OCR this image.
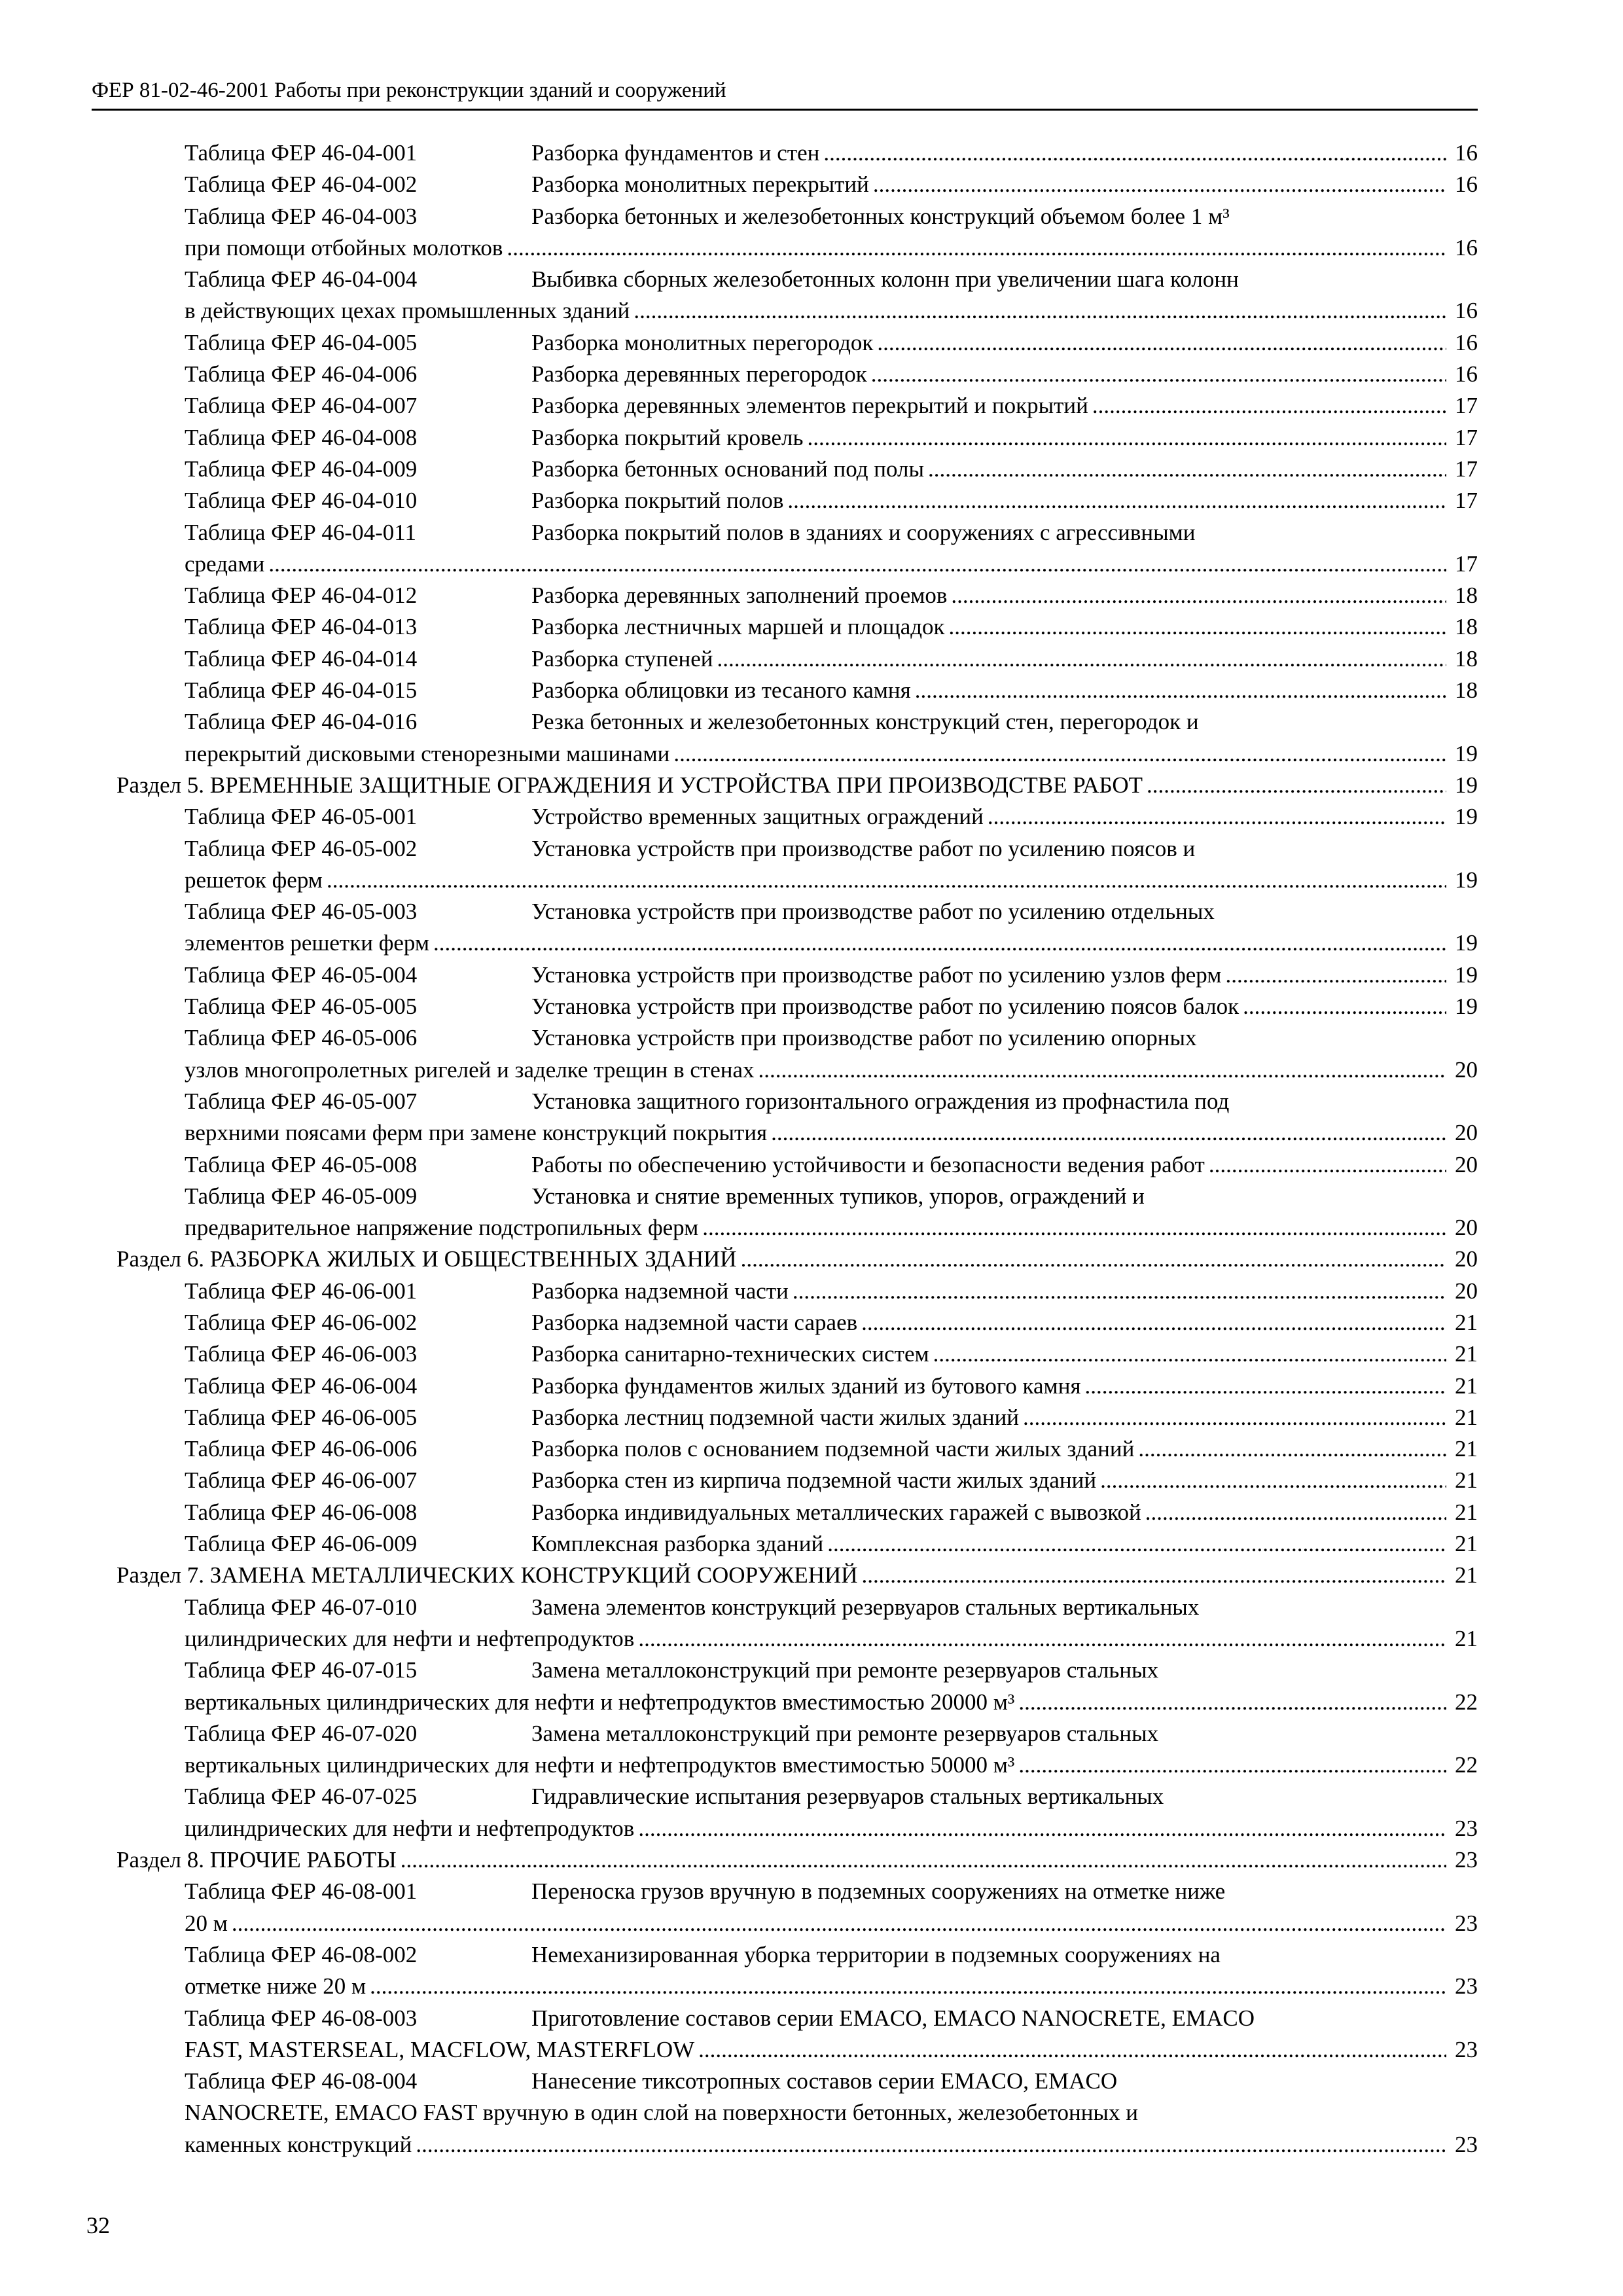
ФЕР 81-02-46-2001 Работы при реконструкции зданий и сооружений
Таблица ФЕР 46-04-001	Разборка фундаментов и стен .....	16
Таблица ФЕР 46-04-002	Разборка монолитных перекрытий .....	16
Таблица ФЕР 46-04-003	Разборка бетонных и железобетонных конструкций объемом более 1 м³
при помощи отбойных молотков .....	16
Таблица ФЕР 46-04-004	Выбивка сборных железобетонных колонн при увеличении шага колонн
в действующих цехах промышленных зданий .....	16
Таблица ФЕР 46-04-005	Разборка монолитных перегородок .....	16
Таблица ФЕР 46-04-006	Разборка деревянных перегородок .....	16
Таблица ФЕР 46-04-007	Разборка деревянных элементов перекрытий и покрытий .....	17
Таблица ФЕР 46-04-008	Разборка покрытий кровель .....	17
Таблица ФЕР 46-04-009	Разборка бетонных оснований под полы .....	17
Таблица ФЕР 46-04-010	Разборка покрытий полов .....	17
Таблица ФЕР 46-04-011	Разборка покрытий полов в зданиях и сооружениях с агрессивными
средами .....	17
Таблица ФЕР 46-04-012	Разборка деревянных заполнений проемов .....	18
Таблица ФЕР 46-04-013	Разборка лестничных маршей и площадок .....	18
Таблица ФЕР 46-04-014	Разборка ступеней .....	18
Таблица ФЕР 46-04-015	Разборка облицовки из тесаного камня .....	18
Таблица ФЕР 46-04-016	Резка бетонных и железобетонных конструкций стен, перегородок и
перекрытий дисковыми стенорезными машинами .....	19
Раздел 5. ВРЕМЕННЫЕ ЗАЩИТНЫЕ ОГРАЖДЕНИЯ И УСТРОЙСТВА ПРИ ПРОИЗВОДСТВЕ РАБОТ .....	19
Таблица ФЕР 46-05-001	Устройство временных защитных ограждений .....	19
Таблица ФЕР 46-05-002	Установка устройств при производстве работ по усилению поясов и
решеток ферм .....	19
Таблица ФЕР 46-05-003	Установка устройств при производстве работ по усилению отдельных
элементов решетки ферм .....	19
Таблица ФЕР 46-05-004	Установка устройств при производстве работ по усилению узлов ферм .....	19
Таблица ФЕР 46-05-005	Установка устройств при производстве работ по усилению поясов балок .....	19
Таблица ФЕР 46-05-006	Установка устройств при производстве работ по усилению опорных
узлов многопролетных ригелей и заделке трещин в стенах .....	20
Таблица ФЕР 46-05-007	Установка защитного горизонтального ограждения из профнастила под
верхними поясами ферм при замене конструкций покрытия .....	20
Таблица ФЕР 46-05-008	Работы по обеспечению устойчивости и безопасности ведения работ .....	20
Таблица ФЕР 46-05-009	Установка и снятие временных тупиков, упоров, ограждений и
предварительное напряжение подстропильных ферм .....	20
Раздел 6. РАЗБОРКА ЖИЛЫХ И ОБЩЕСТВЕННЫХ ЗДАНИЙ .....	20
Таблица ФЕР 46-06-001	Разборка надземной части .....	20
Таблица ФЕР 46-06-002	Разборка надземной части сараев .....	21
Таблица ФЕР 46-06-003	Разборка санитарно-технических систем .....	21
Таблица ФЕР 46-06-004	Разборка фундаментов жилых зданий из бутового камня .....	21
Таблица ФЕР 46-06-005	Разборка лестниц подземной части жилых зданий .....	21
Таблица ФЕР 46-06-006	Разборка полов с основанием подземной части жилых зданий .....	21
Таблица ФЕР 46-06-007	Разборка стен из кирпича подземной части жилых зданий .....	21
Таблица ФЕР 46-06-008	Разборка индивидуальных металлических гаражей с вывозкой .....	21
Таблица ФЕР 46-06-009	Комплексная разборка зданий .....	21
Раздел 7. ЗАМЕНА МЕТАЛЛИЧЕСКИХ КОНСТРУКЦИЙ СООРУЖЕНИЙ .....	21
Таблица ФЕР 46-07-010	Замена элементов конструкций резервуаров стальных вертикальных
цилиндрических для нефти и нефтепродуктов .....	21
Таблица ФЕР 46-07-015	Замена металлоконструкций при ремонте резервуаров стальных
вертикальных цилиндрических для нефти и нефтепродуктов вместимостью 20000 м³ .....	22
Таблица ФЕР 46-07-020	Замена металлоконструкций при ремонте резервуаров стальных
вертикальных цилиндрических для нефти и нефтепродуктов вместимостью 50000 м³ .....	22
Таблица ФЕР 46-07-025	Гидравлические испытания резервуаров стальных вертикальных
цилиндрических для нефти и нефтепродуктов .....	23
Раздел 8. ПРОЧИЕ РАБОТЫ .....	23
Таблица ФЕР 46-08-001	Переноска грузов вручную в подземных сооружениях на отметке ниже
20 м .....	23
Таблица ФЕР 46-08-002	Немеханизированная уборка территории в подземных сооружениях на
отметке ниже 20 м .....	23
Таблица ФЕР 46-08-003	Приготовление составов серии EMACO, EMACO NANOCRETE, EMACO
FAST, MASTERSEAL, MACFLOW, MASTERFLOW .....	23
Таблица ФЕР 46-08-004	Нанесение тиксотропных составов серии EMACO, EMACO
NANOCRETE, EMACO FAST вручную в один слой на поверхности бетонных, железобетонных и
каменных конструкций .....	23
32
